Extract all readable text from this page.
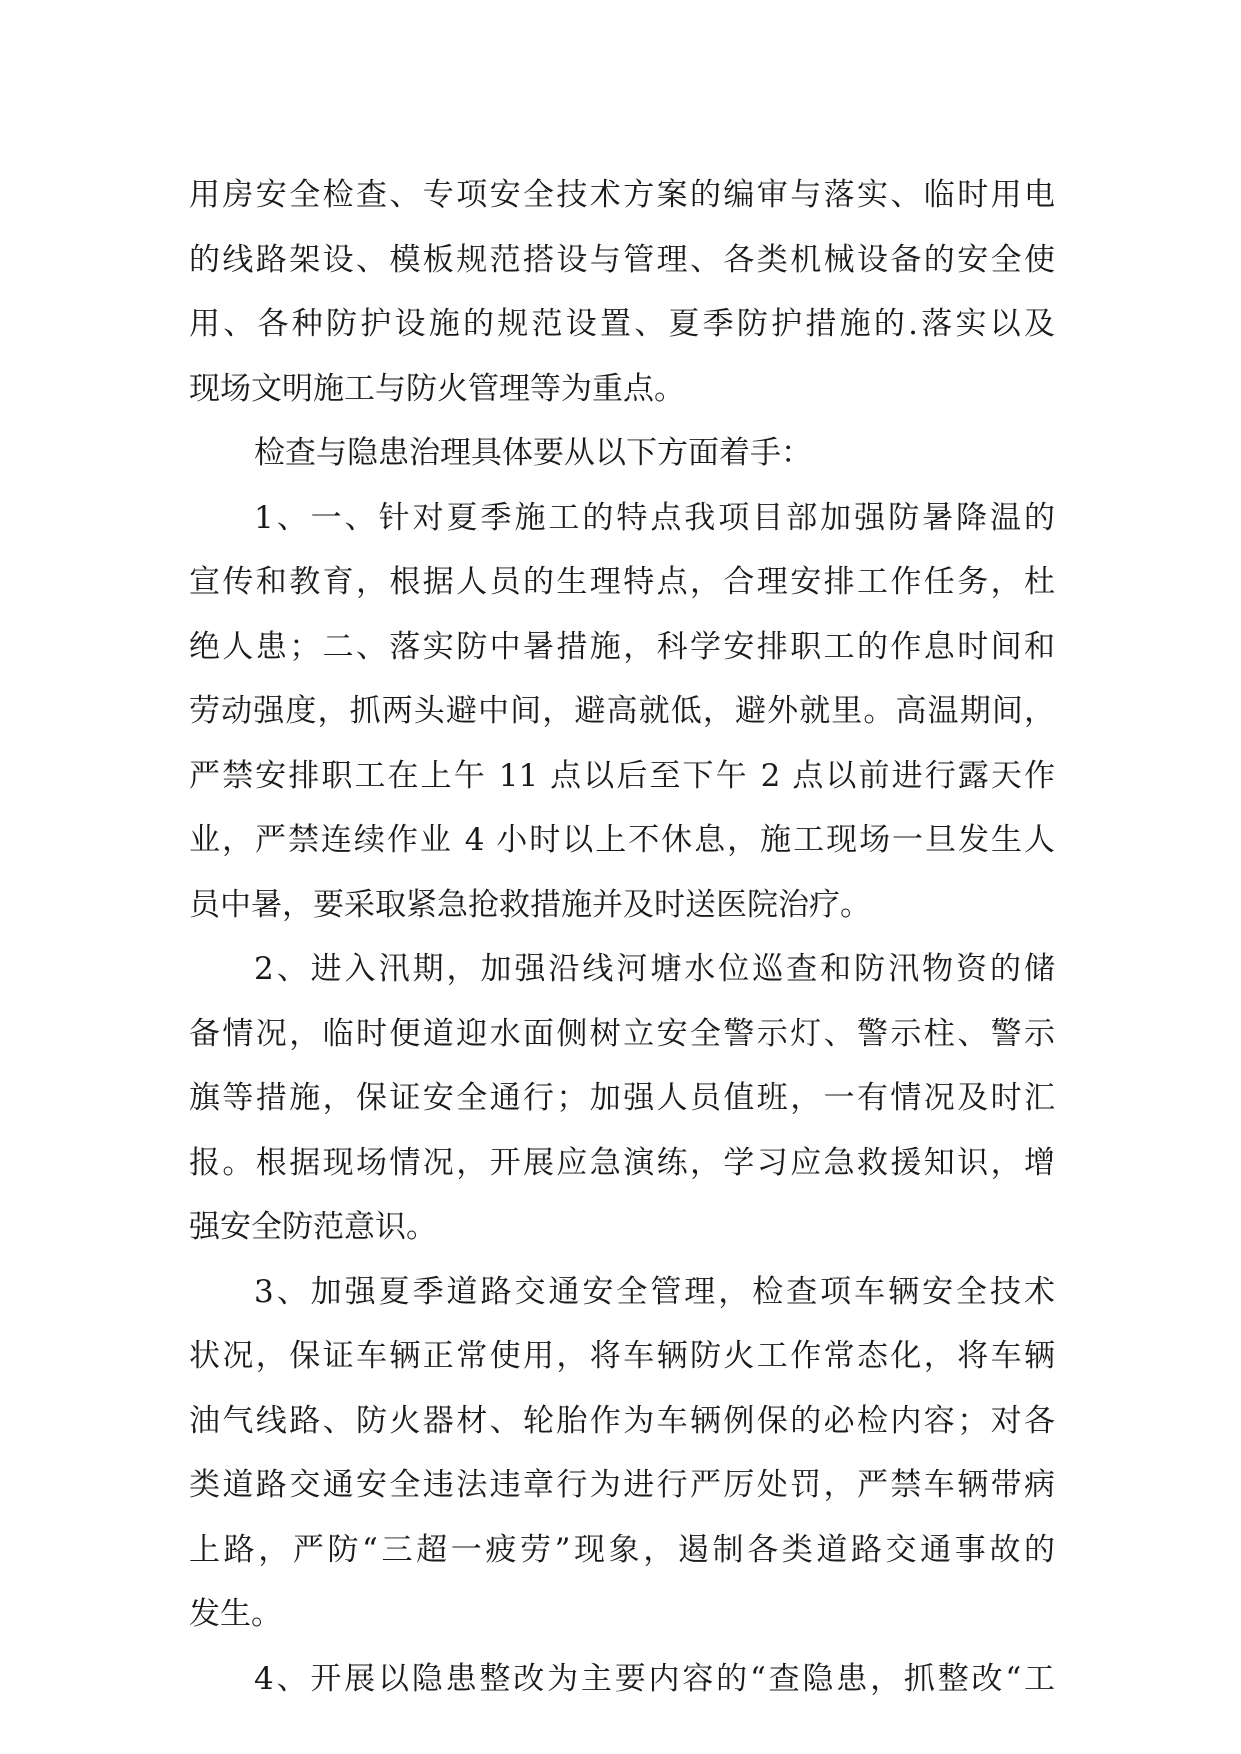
用房安全检查、专项安全技术方案的编审与落实、临时用电
的线路架设、模板规范搭设与管理、各类机械设备的安全使
用、各种防护设施的规范设置、夏季防护措施的.落实以及
现场文明施工与防火管理等为重点。
检查与隐患治理具体要从以下方面着手：
1、一、针对夏季施工的特点我项目部加强防暑降温的
宣传和教育，根据人员的生理特点，合理安排工作任务，杜
绝人患；二、落实防中暑措施，科学安排职工的作息时间和
劳动强度，抓两头避中间，避高就低，避外就里。高温期间，
严禁安排职工在上午 11 点以后至下午 2 点以前进行露天作
业，严禁连续作业 4 小时以上不休息，施工现场一旦发生人
员中暑，要采取紧急抢救措施并及时送医院治疗。
2、进入汛期，加强沿线河塘水位巡查和防汛物资的储
备情况，临时便道迎水面侧树立安全警示灯、警示柱、警示
旗等措施，保证安全通行；加强人员值班，一有情况及时汇
报。根据现场情况，开展应急演练，学习应急救援知识，增
强安全防范意识。
3、加强夏季道路交通安全管理，检查项车辆安全技术
状况，保证车辆正常使用，将车辆防火工作常态化，将车辆
油气线路、防火器材、轮胎作为车辆例保的必检内容；对各
类道路交通安全违法违章行为进行严厉处罚，严禁车辆带病
上路，严防“三超一疲劳”现象，遏制各类道路交通事故的
发生。
4、开展以隐患整改为主要内容的“查隐患，抓整改“工
